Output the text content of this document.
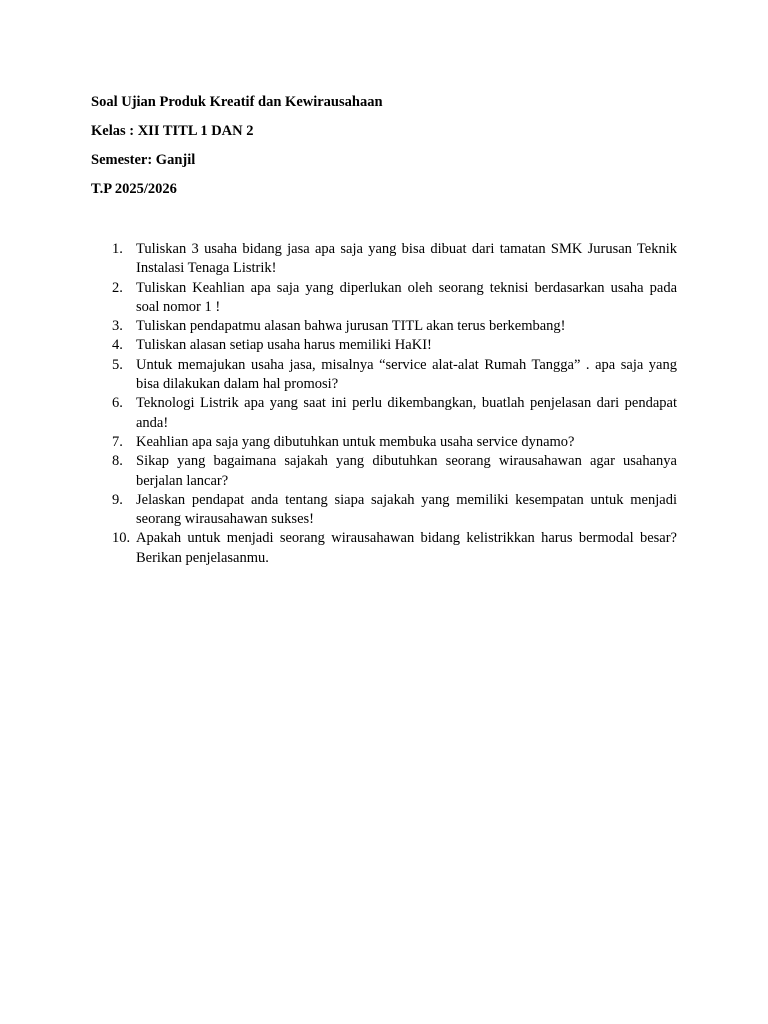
Soal Ujian Produk Kreatif dan Kewirausahaan
Kelas : XII TITL 1 DAN 2
Semester: Ganjil
T.P 2025/2026
1. Tuliskan 3 usaha bidang jasa apa saja yang bisa dibuat dari tamatan SMK Jurusan Teknik Instalasi Tenaga Listrik!
2. Tuliskan Keahlian apa saja yang diperlukan oleh seorang teknisi berdasarkan usaha pada soal nomor 1 !
3. Tuliskan pendapatmu alasan bahwa jurusan TITL akan terus berkembang!
4. Tuliskan alasan setiap usaha harus memiliki HaKI!
5. Untuk memajukan usaha jasa, misalnya “service alat-alat Rumah Tangga” . apa saja yang bisa dilakukan dalam hal promosi?
6. Teknologi Listrik apa yang saat ini perlu dikembangkan, buatlah penjelasan dari pendapat anda!
7. Keahlian apa saja yang dibutuhkan untuk membuka usaha service dynamo?
8. Sikap yang bagaimana sajakah yang dibutuhkan seorang wirausahawan agar usahanya berjalan lancar?
9. Jelaskan pendapat anda tentang siapa sajakah yang memiliki kesempatan untuk menjadi seorang wirausahawan sukses!
10. Apakah untuk menjadi seorang wirausahawan bidang kelistrikkan harus bermodal besar? Berikan penjelasanmu.
